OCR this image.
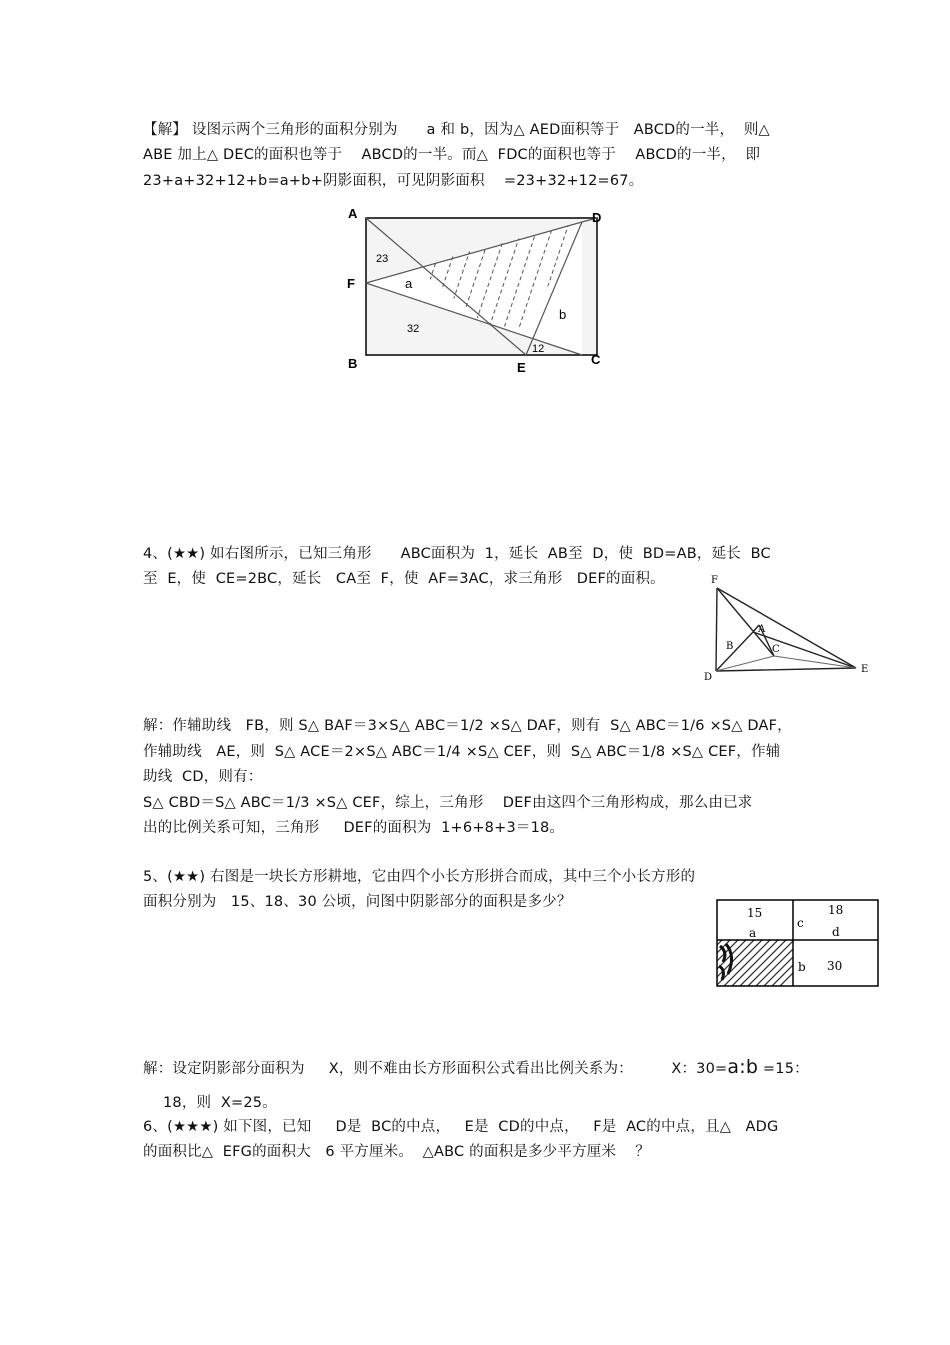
【解】 设图示两个三角形的面积分别为      a 和 b，因为△ AED面积等于   ABCD的一半，  则△
ABE 加上△ DEC的面积也等于    ABCD的一半。而△  FDC的面积也等于    ABCD的一半，  即
23+a+32+12+b=a+b+阴影面积，可见阴影面积    =23+32+12=67。
A	D
F
B	E
C
23
a
32
b
12
4、(★★) 如右图所示，已知三角形      ABC面积为  1，延长  AB至  D，使  BD=AB，延长  BC
至  E，使  CE=2BC，延长   CA至  F，使  AF=3AC，求三角形   DEF的面积。	F
A
B	C
D
E
解：作辅助线   FB，则 S△ BAF＝3×S△ ABC＝1/2 ×S△ DAF，则有  S△ ABC＝1/6 ×S△ DAF，
作辅助线   AE，则  S△ ACE＝2×S△ ABC＝1/4 ×S△ CEF，则  S△ ABC＝1/8 ×S△ CEF，作辅
助线  CD，则有：
S△ CBD＝S△ ABC＝1/3 ×S△ CEF，综上，三角形    DEF由这四个三角形构成，那么由已求
出的比例关系可知，三角形     DEF的面积为  1+6+8+3＝18。
5、(★★) 右图是一块长方形耕地，它由四个小长方形拼合而成，其中三个小长方形的
面积分别为   15、18、30 公顷，问图中阴影部分的面积是多少？
15
a
c
18
d
b 30
解：设定阴影部分面积为     X，则不难由长方形面积公式看出比例关系为：        X：30=a:b =15：
18，则  X=25。
6、(★★★) 如下图，已知     D是  BC的中点，   E是  CD的中点，   F是  AC的中点，且△   ADG
的面积比△  EFG的面积大   6 平方厘米。  △ABC 的面积是多少平方厘米    ？
